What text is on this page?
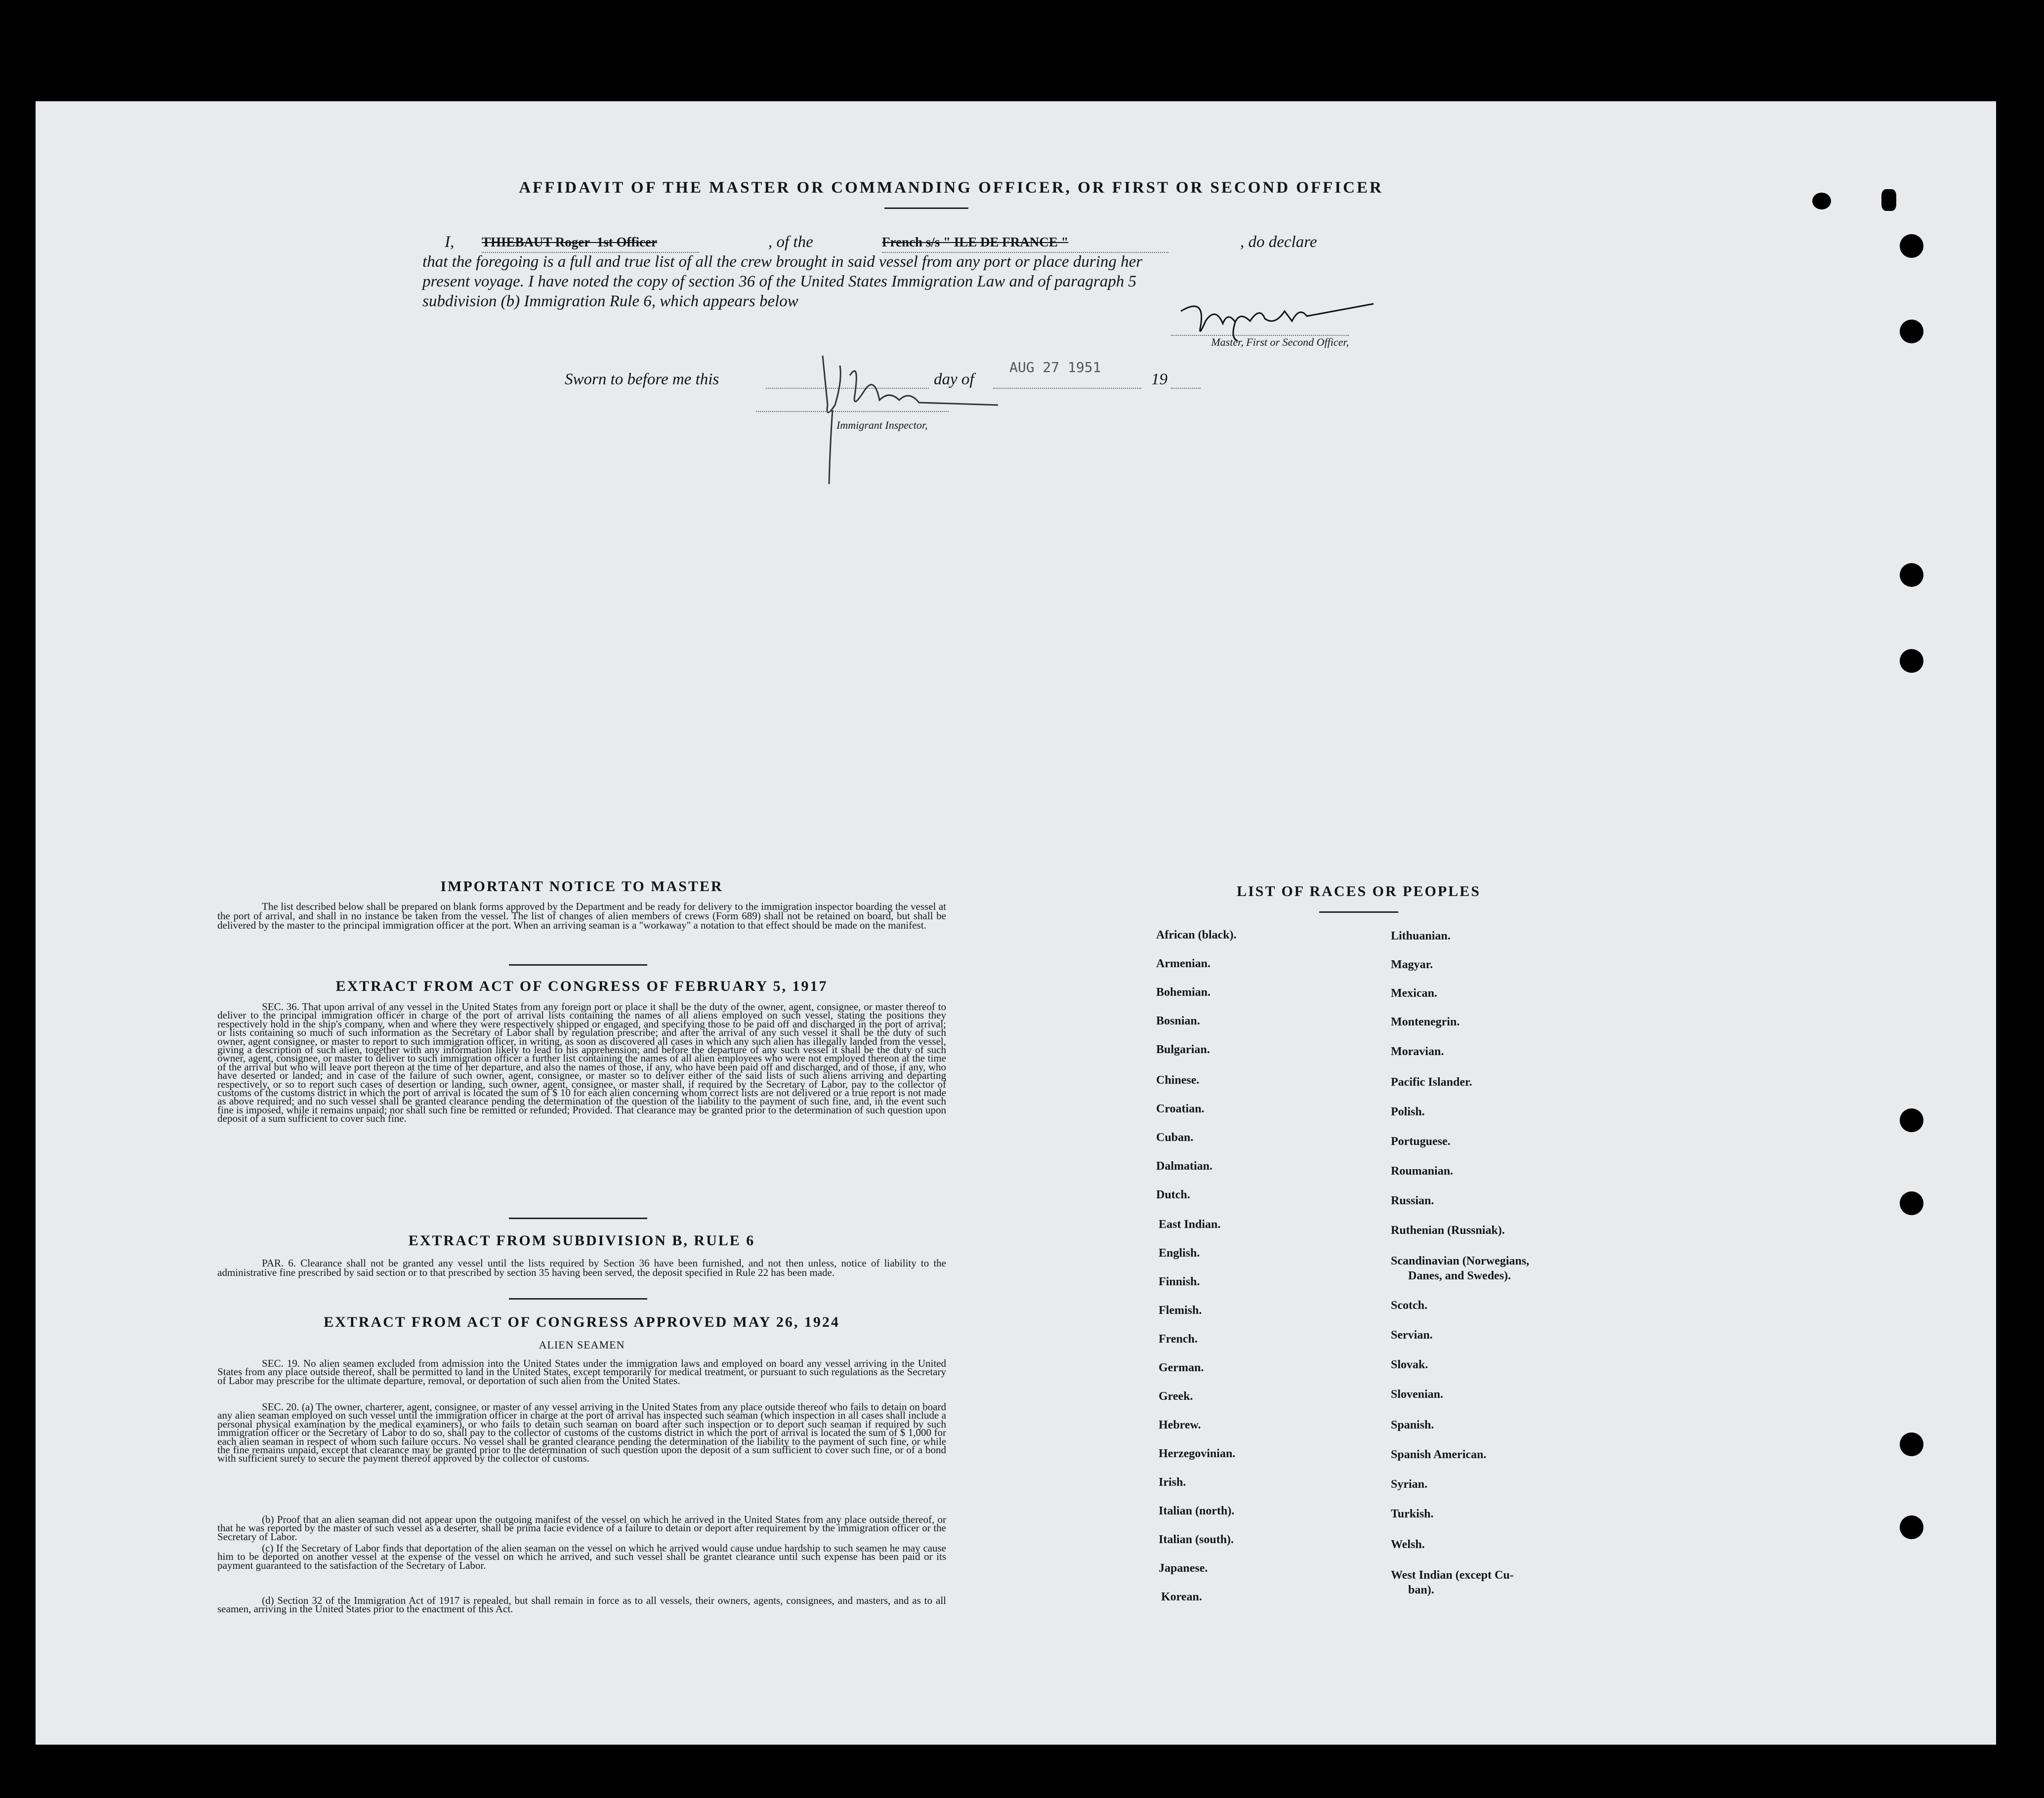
AFFIDAVIT OF THE MASTER OR COMMANDING OFFICER, OR FIRST OR SECOND OFFICER
I, THIEBAUT Roger 1st Officer	, of the	French s/s " ILE DE FRANCE "	, do declare
that the foregoing is a full and true list of all the crew brought in said vessel from any port or place during her
present voyage. I have noted the copy of section 36 of the United States Immigration Law and of paragraph 5
subdivision (b) Immigration Rule 6, which appears below
Master, First or Second Officer,
Sworn to before me this	day of
AUG 27 1951
19
Immigrant Inspector,
IMPORTANT NOTICE TO MASTER
The list described below shall be prepared on blank forms approved by the Department and be ready for delivery to the immigration inspector boarding the vessel at the port of arrival, and shall in no instance be taken from the vessel. The list of changes of alien members of crews (Form 689) shall not be retained on board, but shall be delivered by the master to the principal immigration officer at the port. When an arriving seaman is a "workaway" a notation to that effect should be made on the manifest.
EXTRACT FROM ACT OF CONGRESS OF FEBRUARY 5, 1917
SEC. 36. That upon arrival of any vessel in the United States from any foreign port or place it shall be the duty of the owner, agent, consignee, or master thereof to deliver to the principal immigration officer in charge of the port of arrival lists containing the names of all aliens employed on such vessel, stating the positions they respectively hold in the ship's company, when and where they were respectively shipped or engaged, and specifying those to be paid off and discharged in the port of arrival; or lists containing so much of such information as the Secretary of Labor shall by regulation prescribe; and after the arrival of any such vessel it shall be the duty of such owner, agent consignee, or master to report to such immigration officer, in writing, as soon as discovered all cases in which any such alien has illegally landed from the vessel, giving a description of such alien, together with any information likely to lead to his apprehension; and before the departure of any such vessel it shall be the duty of such owner, agent, consignee, or master to deliver to such immigration officer a further list containing the names of all alien employees who were not employed thereon at the time of the arrival but who will leave port thereon at the time of her departure, and also the names of those, if any, who have been paid off and discharged, and of those, if any, who have deserted or landed; and in case of the failure of such owner, agent, consignee, or master so to deliver either of the said lists of such aliens arriving and departing respectively, or so to report such cases of desertion or landing, such owner, agent, consignee, or master shall, if required by the Secretary of Labor, pay to the collector of customs of the customs district in which the port of arrival is located the sum of $ 10 for each alien concerning whom correct lists are not delivered or a true report is not made as above required; and no such vessel shall be granted clearance pending the determination of the question of the liability to the payment of such fine, and, in the event such fine is imposed, while it remains unpaid; nor shall such fine be remitted or refunded; Provided. That clearance may be granted prior to the determination of such question upon deposit of a sum sufficient to cover such fine.
EXTRACT FROM SUBDIVISION B, RULE 6
PAR. 6. Clearance shall not be granted any vessel until the lists required by Section 36 have been furnished, and not then unless, notice of liability to the administrative fine prescribed by said section or to that prescribed by section 35 having been served, the deposit specified in Rule 22 has been made.
EXTRACT FROM ACT OF CONGRESS APPROVED MAY 26, 1924
ALIEN SEAMEN
SEC. 19. No alien seamen excluded from admission into the United States under the immigration laws and employed on board any vessel arriving in the United States from any place outside thereof, shall be permitted to land in the United States, except temporarily for medical treatment, or pursuant to such regulations as the Secretary of Labor may prescribe for the ultimate departure, removal, or deportation of such alien from the United States.
SEC. 20. (a) The owner, charterer, agent, consignee, or master of any vessel arriving in the United States from any place outside thereof who fails to detain on board any alien seaman employed on such vessel until the immigration officer in charge at the port of arrival has inspected such seaman (which inspection in all cases shall include a personal physical examination by the medical examiners), or who fails to detain such seaman on board after such inspection or to deport such seaman if required by such immigration officer or the Secretary of Labor to do so, shall pay to the collector of customs of the customs district in which the port of arrival is located the sum of $ 1,000 for each alien seaman in respect of whom such failure occurs. No vessel shall be granted clearance pending the determination of the liability to the payment of such fine, or while the fine remains unpaid, except that clearance may be granted prior to the determination of such question upon the deposit of a sum sufficient to cover such fine, or of a bond with sufficient surety to secure the payment thereof approved by the collector of customs.
(b) Proof that an alien seaman did not appear upon the outgoing manifest of the vessel on which he arrived in the United States from any place outside thereof, or that he was reported by the master of such vessel as a deserter, shall be prima facie evidence of a failure to detain or deport after requirement by the immigration officer or the Secretary of Labor.
(c) If the Secretary of Labor finds that deportation of the alien seaman on the vessel on which he arrived would cause undue hardship to such seamen he may cause him to be deported on another vessel at the expense of the vessel on which he arrived, and such vessel shall be grantet clearance until such expense has been paid or its payment guaranteed to the satisfaction of the Secretary of Labor.
(d) Section 32 of the Immigration Act of 1917 is repealed, but shall remain in force as to all vessels, their owners, agents, consignees, and masters, and as to all seamen, arriving in the United States prior to the enactment of this Act.
LIST OF RACES OR PEOPLES
African (black).
Armenian.
Bohemian.
Bosnian.
Bulgarian.
Chinese.
Croatian.
Cuban.
Dalmatian.
Dutch.
East Indian.
English.
Finnish.
Flemish.
French.
German.
Greek.
Hebrew.
Herzegovinian.
Irish.
Italian (north).
Italian (south).
Japanese.
Korean.
Lithuanian.
Magyar.
Mexican.
Montenegrin.
Moravian.
Pacific Islander.
Polish.
Portuguese.
Roumanian.
Russian.
Ruthenian (Russniak).
Scandinavian (Norwegians,
Danes, and Swedes).
Scotch.
Servian.
Slovak.
Slovenian.
Spanish.
Spanish American.
Syrian.
Turkish.
Welsh.
West Indian (except Cu-
ban).
